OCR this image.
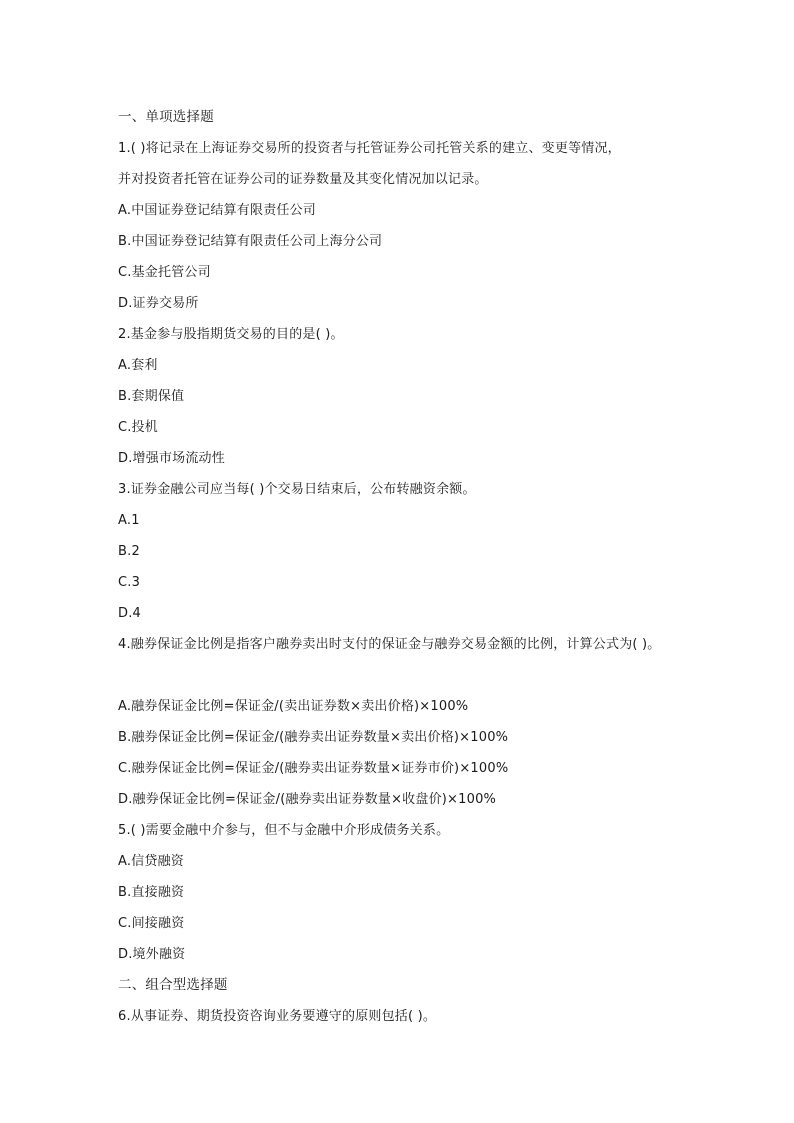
一、单项选择题
1.( )将记录在上海证券交易所的投资者与托管证券公司托管关系的建立、变更等情况，
并对投资者托管在证券公司的证券数量及其变化情况加以记录。
A.中国证券登记结算有限责任公司
B.中国证券登记结算有限责任公司上海分公司
C.基金托管公司
D.证券交易所
2.基金参与股指期货交易的目的是( )。
A.套利
B.套期保值
C.投机
D.增强市场流动性
3.证券金融公司应当每( )个交易日结束后，公布转融资余额。
A.1
B.2
C.3
D.4
4.融券保证金比例是指客户融券卖出时支付的保证金与融券交易金额的比例，计算公式为( )。
A.融券保证金比例=保证金/(卖出证券数×卖出价格)×100%
B.融券保证金比例=保证金/(融券卖出证券数量×卖出价格)×100%
C.融券保证金比例=保证金/(融券卖出证券数量×证券市价)×100%
D.融券保证金比例=保证金/(融券卖出证券数量×收盘价)×100%
5.( )需要金融中介参与，但不与金融中介形成债务关系。
A.信贷融资
B.直接融资
C.间接融资
D.境外融资
二、组合型选择题
6.从事证券、期货投资咨询业务要遵守的原则包括( )。
